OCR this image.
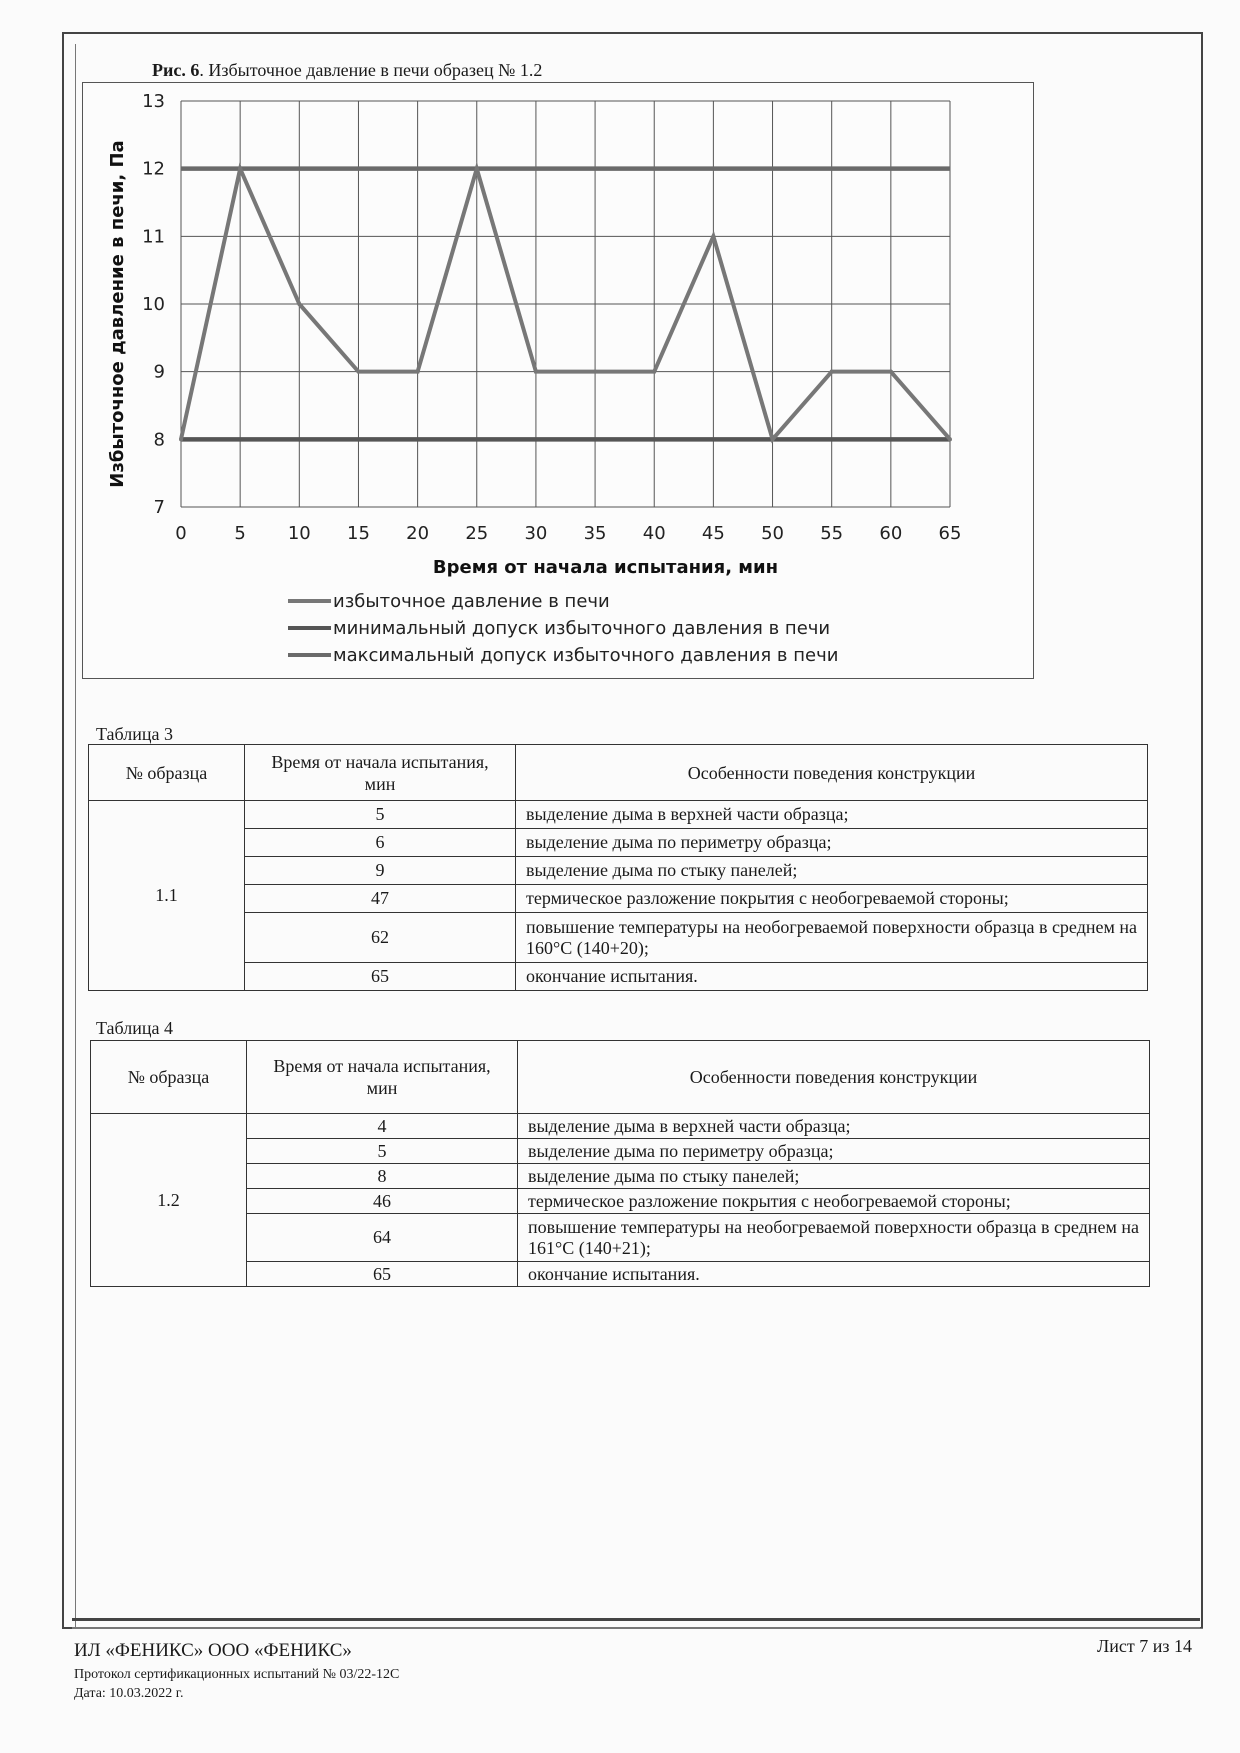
Рис. 6. Избыточное давление в печи образец № 1.2
0	5 10 15 20 25 30 35 40 45 50 55 60 65
7
8
9
10
11
12
13
Время от начала испытания, мин
Избыточное давление в печи, Па
избыточное давление в печи
минимальный допуск избыточного давления в печи
максимальный допуск избыточного давления в печи
Таблица 3
№ образца	Время от начала испытания, мин	Особенности поведения конструкции
1.1	5	выделение дыма в верхней части образца;
	6	выделение дыма по периметру образца;
	9	выделение дыма по стыку панелей;
	47	термическое разложение покрытия с необогреваемой стороны;
	62	повышение температуры на необогреваемой поверхности образца в среднем на 160°С (140+20);
	65	окончание испытания.
Таблица 4
№ образца	Время от начала испытания, мин	Особенности поведения конструкции
1.2	4	выделение дыма в верхней части образца;
	5	выделение дыма по периметру образца;
	8	выделение дыма по стыку панелей;
	46	термическое разложение покрытия с необогреваемой стороны;
	64	повышение температуры на необогреваемой поверхности образца в среднем на 161°С (140+21);
	65	окончание испытания.
ИЛ «ФЕНИКС» ООО «ФЕНИКС»
Протокол сертификационных испытаний № 03/22-12С
Дата: 10.03.2022 г.
Лист 7 из 14
